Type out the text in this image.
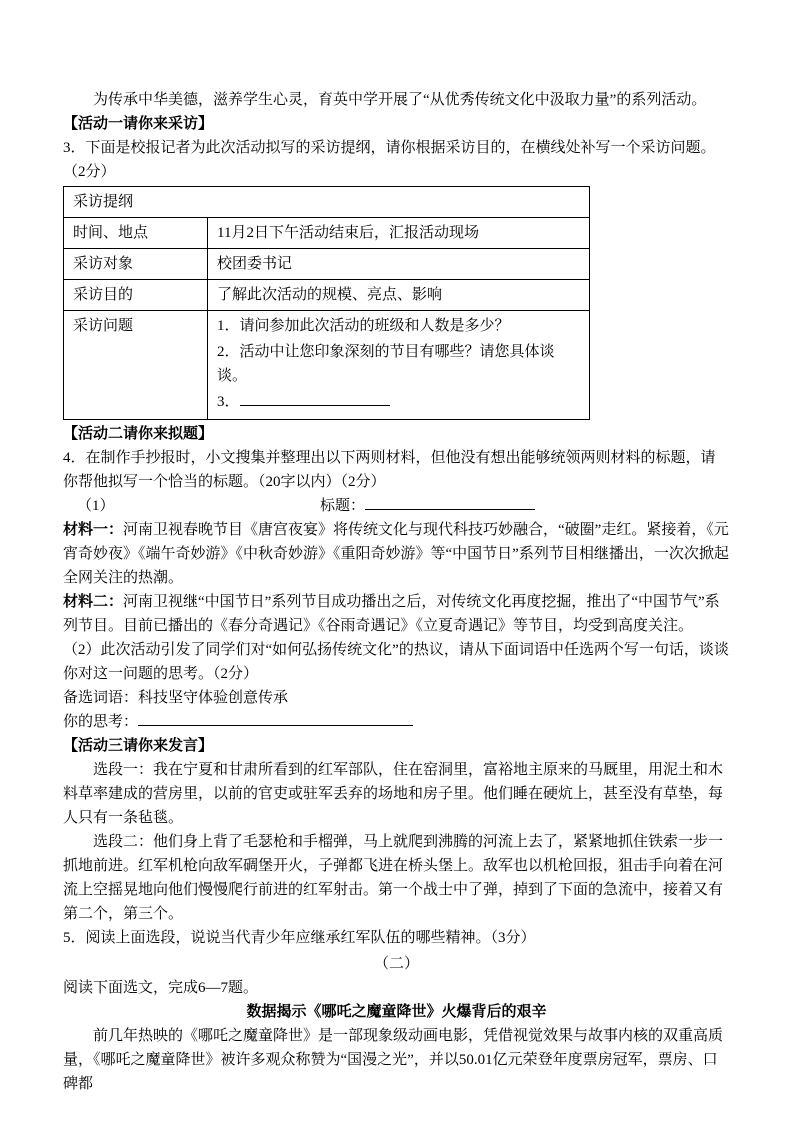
为传承中华美德，滋养学生心灵，育英中学开展了“从优秀传统文化中汲取力量”的系列活动。

【活动一请你来采访】

3．下面是校报记者为此次活动拟写的采访提纲，请你根据采访目的，在横线处补写一个采访问题。（2分）

采访提纲	
时间、地点	11月2日下午活动结束后，汇报活动现场
采访对象	校团委书记
采访目的	了解此次活动的规模、亮点、影响
采访问题	1．请问参加此次活动的班级和人数是多少？
2．活动中让您印象深刻的节目有哪些？请您具体谈谈。
3．

【活动二请你来拟题】

4．在制作手抄报时，小文搜集并整理出以下两则材料，但他没有想出能够统领两则材料的标题，请你帮他拟写一个恰当的标题。（20字以内）（2分）

（1）	标题：

材料一：河南卫视春晚节目《唐宫夜宴》将传统文化与现代科技巧妙融合，“破圈”走红。紧接着，《元宵奇妙夜》《端午奇妙游》《中秋奇妙游》《重阳奇妙游》等“中国节日”系列节目相继播出，一次次掀起全网关注的热潮。

材料二：河南卫视继“中国节日”系列节目成功播出之后，对传统文化再度挖掘，推出了“中国节气”系列节目。目前已播出的《春分奇遇记》《谷雨奇遇记》《立夏奇遇记》等节目，均受到高度关注。

（2）此次活动引发了同学们对“如何弘扬传统文化”的热议，请从下面词语中任选两个写一句话，谈谈你对这一问题的思考。（2分）

备选词语：科技坚守体验创意传承

你的思考：

【活动三请你来发言】

选段一：我在宁夏和甘肃所看到的红军部队，住在窑洞里，富裕地主原来的马厩里，用泥土和木料草率建成的营房里，以前的官吏或驻军丢弃的场地和房子里。他们睡在硬炕上，甚至没有草垫，每人只有一条毡毯。

选段二：他们身上背了毛瑟枪和手榴弹，马上就爬到沸腾的河流上去了，紧紧地抓住铁索一步一抓地前进。红军机枪向敌军碉堡开火，子弹都飞进在桥头堡上。敌军也以机枪回报，狙击手向着在河流上空摇晃地向他们慢慢爬行前进的红军射击。第一个战士中了弹，掉到了下面的急流中，接着又有第二个，第三个。

5．阅读上面选段，说说当代青少年应继承红军队伍的哪些精神。（3分）

（二）

阅读下面选文，完成6—7题。

数据揭示《哪吒之魔童降世》火爆背后的艰辛

前几年热映的《哪吒之魔童降世》是一部现象级动画电影，凭借视觉效果与故事内核的双重高质量，《哪吒之魔童降世》被许多观众称赞为“国漫之光”，并以50.01亿元荣登年度票房冠军，票房、口碑都
